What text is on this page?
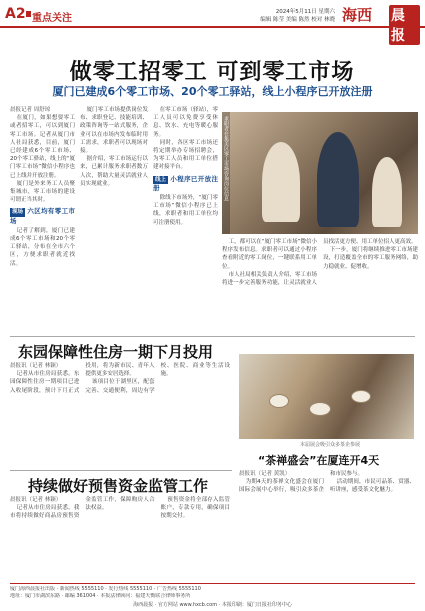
A2 重点关注
2024年5月11日 星期六
编辑 陈莹 美编 陈然 校对 林晓 海西 晨报
做零工招零工 可到零工市场
厦门已建成6个零工市场、20个零工驿站，线上小程序已开放注册
晨报记者 周舒琼

在厦门，如果想要零工或者招零工，可以到厦门零工市场。记者从厦门市人社局获悉，目前，厦门已经建成6个零工市场、20个零工驿站，线上的“厦门零工市场”微信小程序也已上线并开放注册。

厦门是外来务工人员聚集城市，零工市场的建设可谓正当其时。

现场 六区均有零工市场

记者了解到，厦门已建成6个零工市场和20个零工驿站，分布在全市六个区，方便求职者就近找活。

厦门零工市场提供岗位发布、求职登记、技能培训、政策咨询等一站式服务，企业可以在市场内发布临时用工需求，求职者可以现场对接。

据介绍，零工市场运行以来，已累计服务求职者数万人次，帮助大量灵活就业人员实现就业。

在零工市场（驿站），零工人员可以免费享受休息、饮水、充电等暖心服务。

同时，各区零工市场还将定期举办专场招聘会，为零工人员和用工单位搭建对接平台。

线上 小程序已开放注册

除线下市场外，“厦门零工市场”微信小程序已上线，求职者和用工单位均可注册使用。

求职者在集美区零工市场咨询岗位信息

工，都可以在“厦门零工市场”微信小程序发布信息。求职者可以通过小程序查看附近的零工岗位，一键联系用工单位。

市人社局相关负责人介绍，零工市场将进一步完善服务功能，让灵活就业人员找活更方便、用工单位招人更高效。

下一步，厦门将继续推进零工市场建设，打造覆盖全市的零工服务网络，助力稳就业、促增收。

东园保障性住房一期下月投用
晨报讯（记者 林颖）

记者从市住房局获悉，东园保障性住房一期项目已进入收尾阶段，预计下月正式投用，将为新市民、青年人提供更多安居选择。

该项目位于湖里区，配套完善、交通便利，周边有学校、医院、商业等生活设施。

持续做好预售资金监管工作
晨报讯（记者 林颖）

记者从市住房局获悉，我市将持续做好商品房预售资金监管工作，保障购房人合法权益。

预售资金将全部存入监管账户，专款专用，确保项目按期交付。

本届展会吸引众多茶企参展
“茶禅盛会”在厦连开4天
晨报讯（记者 黄凯）

为期4天的茶禅文化盛会在厦门国际会展中心举行，吸引众多茶企和市民参与。

活动期间，市民可品茶、赏器、听讲座，感受茶文化魅力。

厦门海西晨报社出版 · 新闻热线 5555110 · 发行热线 5555110 · 广告热线 5555110
地址：厦门市湖滨东路 · 邮编 361004 · 本报法律顾问：福建天衡联合律师事务所
海西晨报 · 官方网站 www.hxcb.com · 本报印刷：厦门日报社印务中心
